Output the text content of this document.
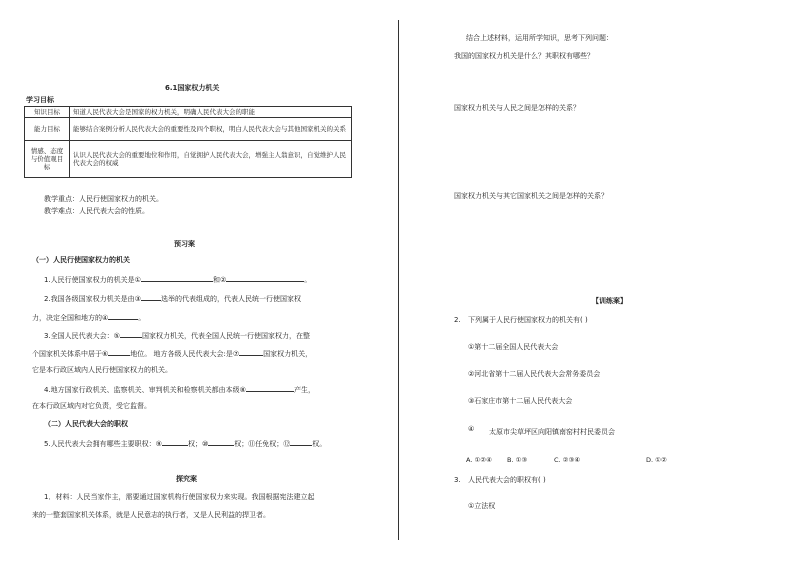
6.1国家权力机关
学习目标
知识目标	知道人民代表大会是国家的权力机关，明确人民代表大会的职能
能力目标	能够结合案例分析人民代表大会的重要性及四个职权，明白人民代表大会与其他国家机关的关系
情感、态度与价值观目标	认识人民代表大会的重要地位和作用，自觉拥护人民代表大会，增强主人翁意识，自觉维护人民代表大会的权威
教学重点：人民行使国家权力的机关。
教学难点：人民代表大会的性质。
预习案
（一）人民行使国家权力的机关
1.人民行使国家权力的机关是①	和②	。
2.我国各级国家权力机关是由③	选举的代表组成的，代表人民统一行使国家权
力，决定全国和地方的④	。
3.全国人民代表大会：⑤	国家权力机关，代表全国人民统一行使国家权力，在整
个国家机关体系中居于⑥	地位。 地方各级人民代表大会:是⑦	国家权力机关，
它是本行政区域内人民行使国家权力的机关。
4.地方国家行政机关、监察机关、审判机关和检察机关都由本级⑧	产生，
在本行政区域内对它负责，受它监督。
（二）人民代表大会的职权
5.人民代表大会拥有哪些主要职权：⑨	权；⑩	权；⑪任免权；⑫	权。
探究案
1．材料：人民当家作主，需要通过国家机构行使国家权力来实现。我国根据宪法建立起
来的一整套国家机关体系，就是人民意志的执行者，又是人民利益的捍卫者。
结合上述材料，运用所学知识，思考下列问题：
我国的国家权力机关是什么？其职权有哪些？
国家权力机关与人民之间是怎样的关系？
国家权力机关与其它国家机关之间是怎样的关系？
【训练案】
2. 下列属于人民行使国家权力的机关有( )
①第十二届全国人民代表大会
②河北省第十二届人民代表大会常务委员会
③石家庄市第十二届人民代表大会
④ 太原市尖草坪区向阳镇南窑村村民委员会
A. ①②④ B. ①③	C. ②③④	D. ①②
3. 人民代表大会的职权有( )
①立法权
